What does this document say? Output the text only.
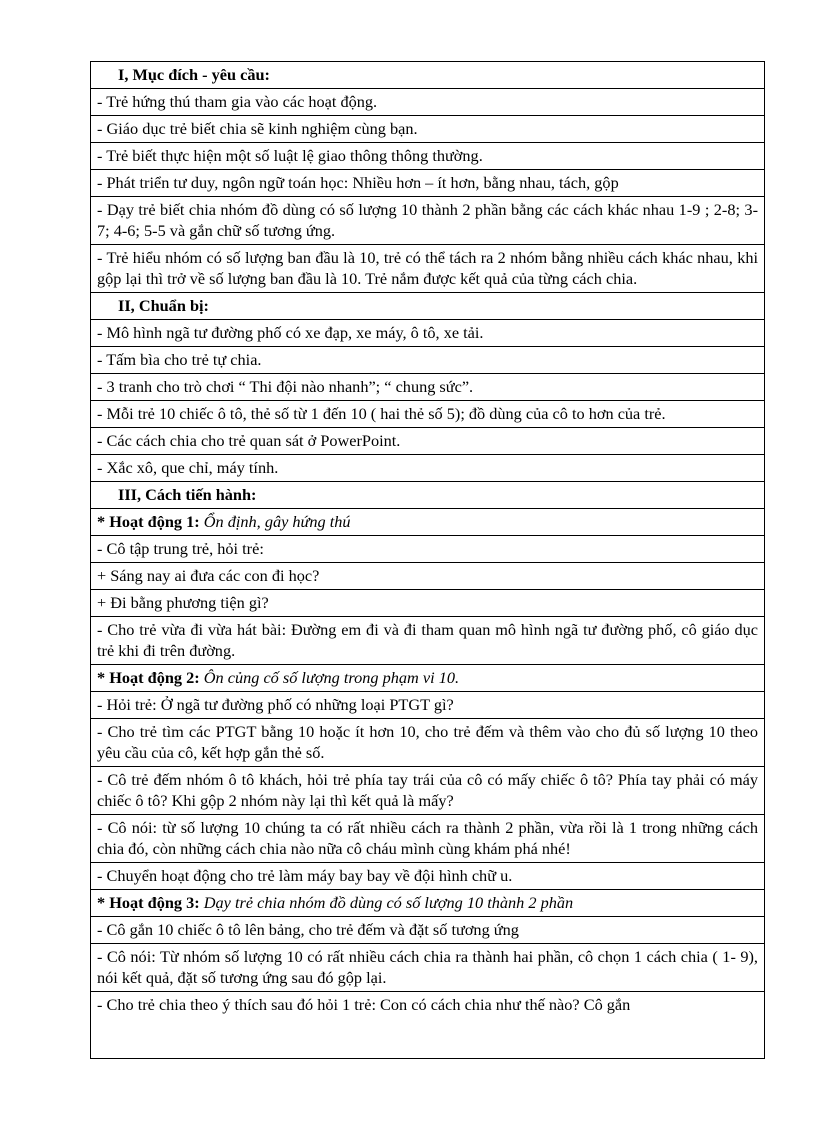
I, Mục đích - yêu cầu:
- Trẻ hứng thú tham gia vào các hoạt động.
- Giáo dục trẻ biết chia sẽ kinh nghiệm cùng bạn.
- Trẻ biết thực hiện một số luật lệ giao thông thông thường.
- Phát triển tư duy, ngôn ngữ toán học: Nhiều hơn – ít hơn, bằng nhau, tách, gộp
- Dạy trẻ biết chia nhóm đồ dùng có số lượng 10 thành 2 phần bằng các cách khác nhau 1-9 ; 2-8; 3-7; 4-6; 5-5 và gắn chữ số tương ứng.
- Trẻ hiểu nhóm có số lượng ban đầu là 10, trẻ có thể tách ra 2 nhóm bằng nhiều cách khác nhau, khi gộp lại thì trở về số lượng ban đầu là 10. Trẻ nắm được kết quả của từng cách chia.
II, Chuẩn bị:
- Mô hình ngã tư đường phố có xe đạp, xe máy, ô tô, xe tải.
- Tấm bìa cho trẻ tự chia.
- 3 tranh cho trò chơi “ Thi đội nào nhanh”; “ chung sức”.
- Mỗi trẻ 10 chiếc ô tô, thẻ số từ 1 đến 10 ( hai thẻ số 5); đồ dùng của cô to hơn của trẻ.
- Các cách chia cho trẻ quan sát ở PowerPoint.
- Xắc xô, que chỉ, máy tính.
III, Cách tiến hành:
* Hoạt động 1: Ổn định, gây hứng thú
- Cô tập trung trẻ, hỏi trẻ:
+ Sáng nay ai đưa các con đi học?
+ Đi bằng phương tiện gì?
- Cho trẻ vừa đi vừa hát bài: Đường em đi và đi tham quan mô hình ngã tư đường phố, cô giáo dục trẻ khi đi trên đường.
* Hoạt động 2: Ôn củng cố số lượng trong phạm vi 10.
- Hỏi trẻ: Ở ngã tư đường phố có những loại PTGT gì?
- Cho trẻ tìm các PTGT bằng 10 hoặc ít hơn 10, cho trẻ đếm và thêm vào cho đủ số lượng 10 theo yêu cầu của cô, kết hợp gắn thẻ số.
- Cô trẻ đếm nhóm ô tô khách, hỏi trẻ phía tay trái của cô có mấy chiếc ô tô? Phía tay phải có máy chiếc ô tô? Khi gộp 2 nhóm này lại thì kết quả là mấy?
- Cô nói: từ số lượng 10 chúng ta có rất nhiều cách ra thành 2 phần, vừa rồi là 1 trong những cách chia đó, còn những cách chia nào nữa cô cháu mình cùng khám phá nhé!
- Chuyển hoạt động cho trẻ làm máy bay bay về đội hình chữ u.
* Hoạt động 3: Dạy trẻ chia nhóm đồ dùng có số lượng 10 thành 2 phần
- Cô gắn 10 chiếc ô tô lên bảng, cho trẻ đếm và đặt số tương ứng
- Cô nói: Từ nhóm số lượng 10 có rất nhiều cách chia ra thành hai phần, cô chọn 1 cách chia ( 1- 9), nói kết quả, đặt số tương ứng sau đó gộp lại.
- Cho trẻ chia theo ý thích sau đó hỏi 1 trẻ: Con có cách chia như thế nào? Cô gắn
